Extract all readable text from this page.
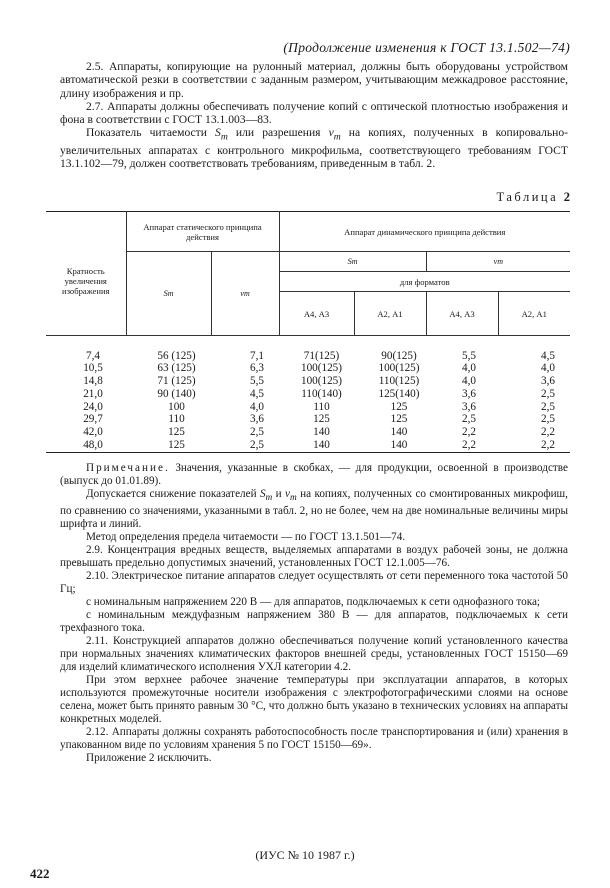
(Продолжение изменения к ГОСТ 13.1.502—74)

2.5. Аппараты, копирующие на рулонный материал, должны быть оборудованы устройством автоматической резки в соответствии с заданным размером, учитывающим межкадровое расстояние, длину изображения и пр.

2.7. Аппараты должны обеспечивать получение копий с оптической плотностью изображения и фона в соответствии с ГОСТ 13.1.003—83.

Показатель читаемости $S_m$ или разрешения $v_m$ на копиях, полученных в копировально-увеличительных аппаратах с контрольного микрофильма, соответствующего требованиям ГОСТ 13.1.102—79, должен соответствовать требованиям, приведенным в табл. 2.

Таблица 2
Кратность увеличения изображения	Аппарат статического принципа действия		Аппарат динамического принципа действия			
	Sm	vm	Sm		vm	
			для форматов			
			А4, А3	А2, А1	А4, А3	А2, А1

7,4	56 (125)	7,1	71(125)	90(125)	5,5	4,5
10,5	63 (125)	6,3	100(125)	100(125)	4,0	4,0
14,8	71 (125)	5,5	100(125)	110(125)	4,0	3,6
21,0	90 (140)	4,5	110(140)	125(140)	3,6	2,5
24,0	100	4,0	110	125	3,6	2,5
29,7	110	3,6	125	125	2,5	2,5
42,0	125	2,5	140	140	2,2	2,2
48,0	125	2,5	140	140	2,2	2,2

Примечание. Значения, указанные в скобках, — для продукции, освоенной в производстве (выпуск до 01.01.89).

Допускается снижение показателей $S_m$ и $v_m$ на копиях, полученных со смонтированных микрофиш, по сравнению со значениями, указанными в табл. 2, но не более, чем на две номинальные величины миры шрифта и линий.

Метод определения предела читаемости — по ГОСТ 13.1.501—74.

2.9. Концентрация вредных веществ, выделяемых аппаратами в воздух рабочей зоны, не должна превышать предельно допустимых значений, установленных ГОСТ 12.1.005—76.

2.10. Электрическое питание аппаратов следует осуществлять от сети переменного тока частотой 50 Гц;

с номинальным напряжением 220 В — для аппаратов, подключаемых к сети однофазного тока;

с номинальным междуфазным напряжением 380 В — для аппаратов, подключаемых к сети трехфазного тока.

2.11. Конструкцией аппаратов должно обеспечиваться получение копий установленного качества при нормальных значениях климатических факторов внешней среды, установленных ГОСТ 15150—69 для изделий климатического исполнения УХЛ категории 4.2.

При этом верхнее рабочее значение температуры при эксплуатации аппаратов, в которых используются промежуточные носители изображения с электрофотографическими слоями на основе селена, может быть принято равным 30 °С, что должно быть указано в технических условиях на аппараты конкретных моделей.

2.12. Аппараты должны сохранять работоспособность после транспортирования и (или) хранения в упакованном виде по условиям хранения 5 по ГОСТ 15150—69».

Приложение 2 исключить.

(ИУС № 10 1987 г.)
422
